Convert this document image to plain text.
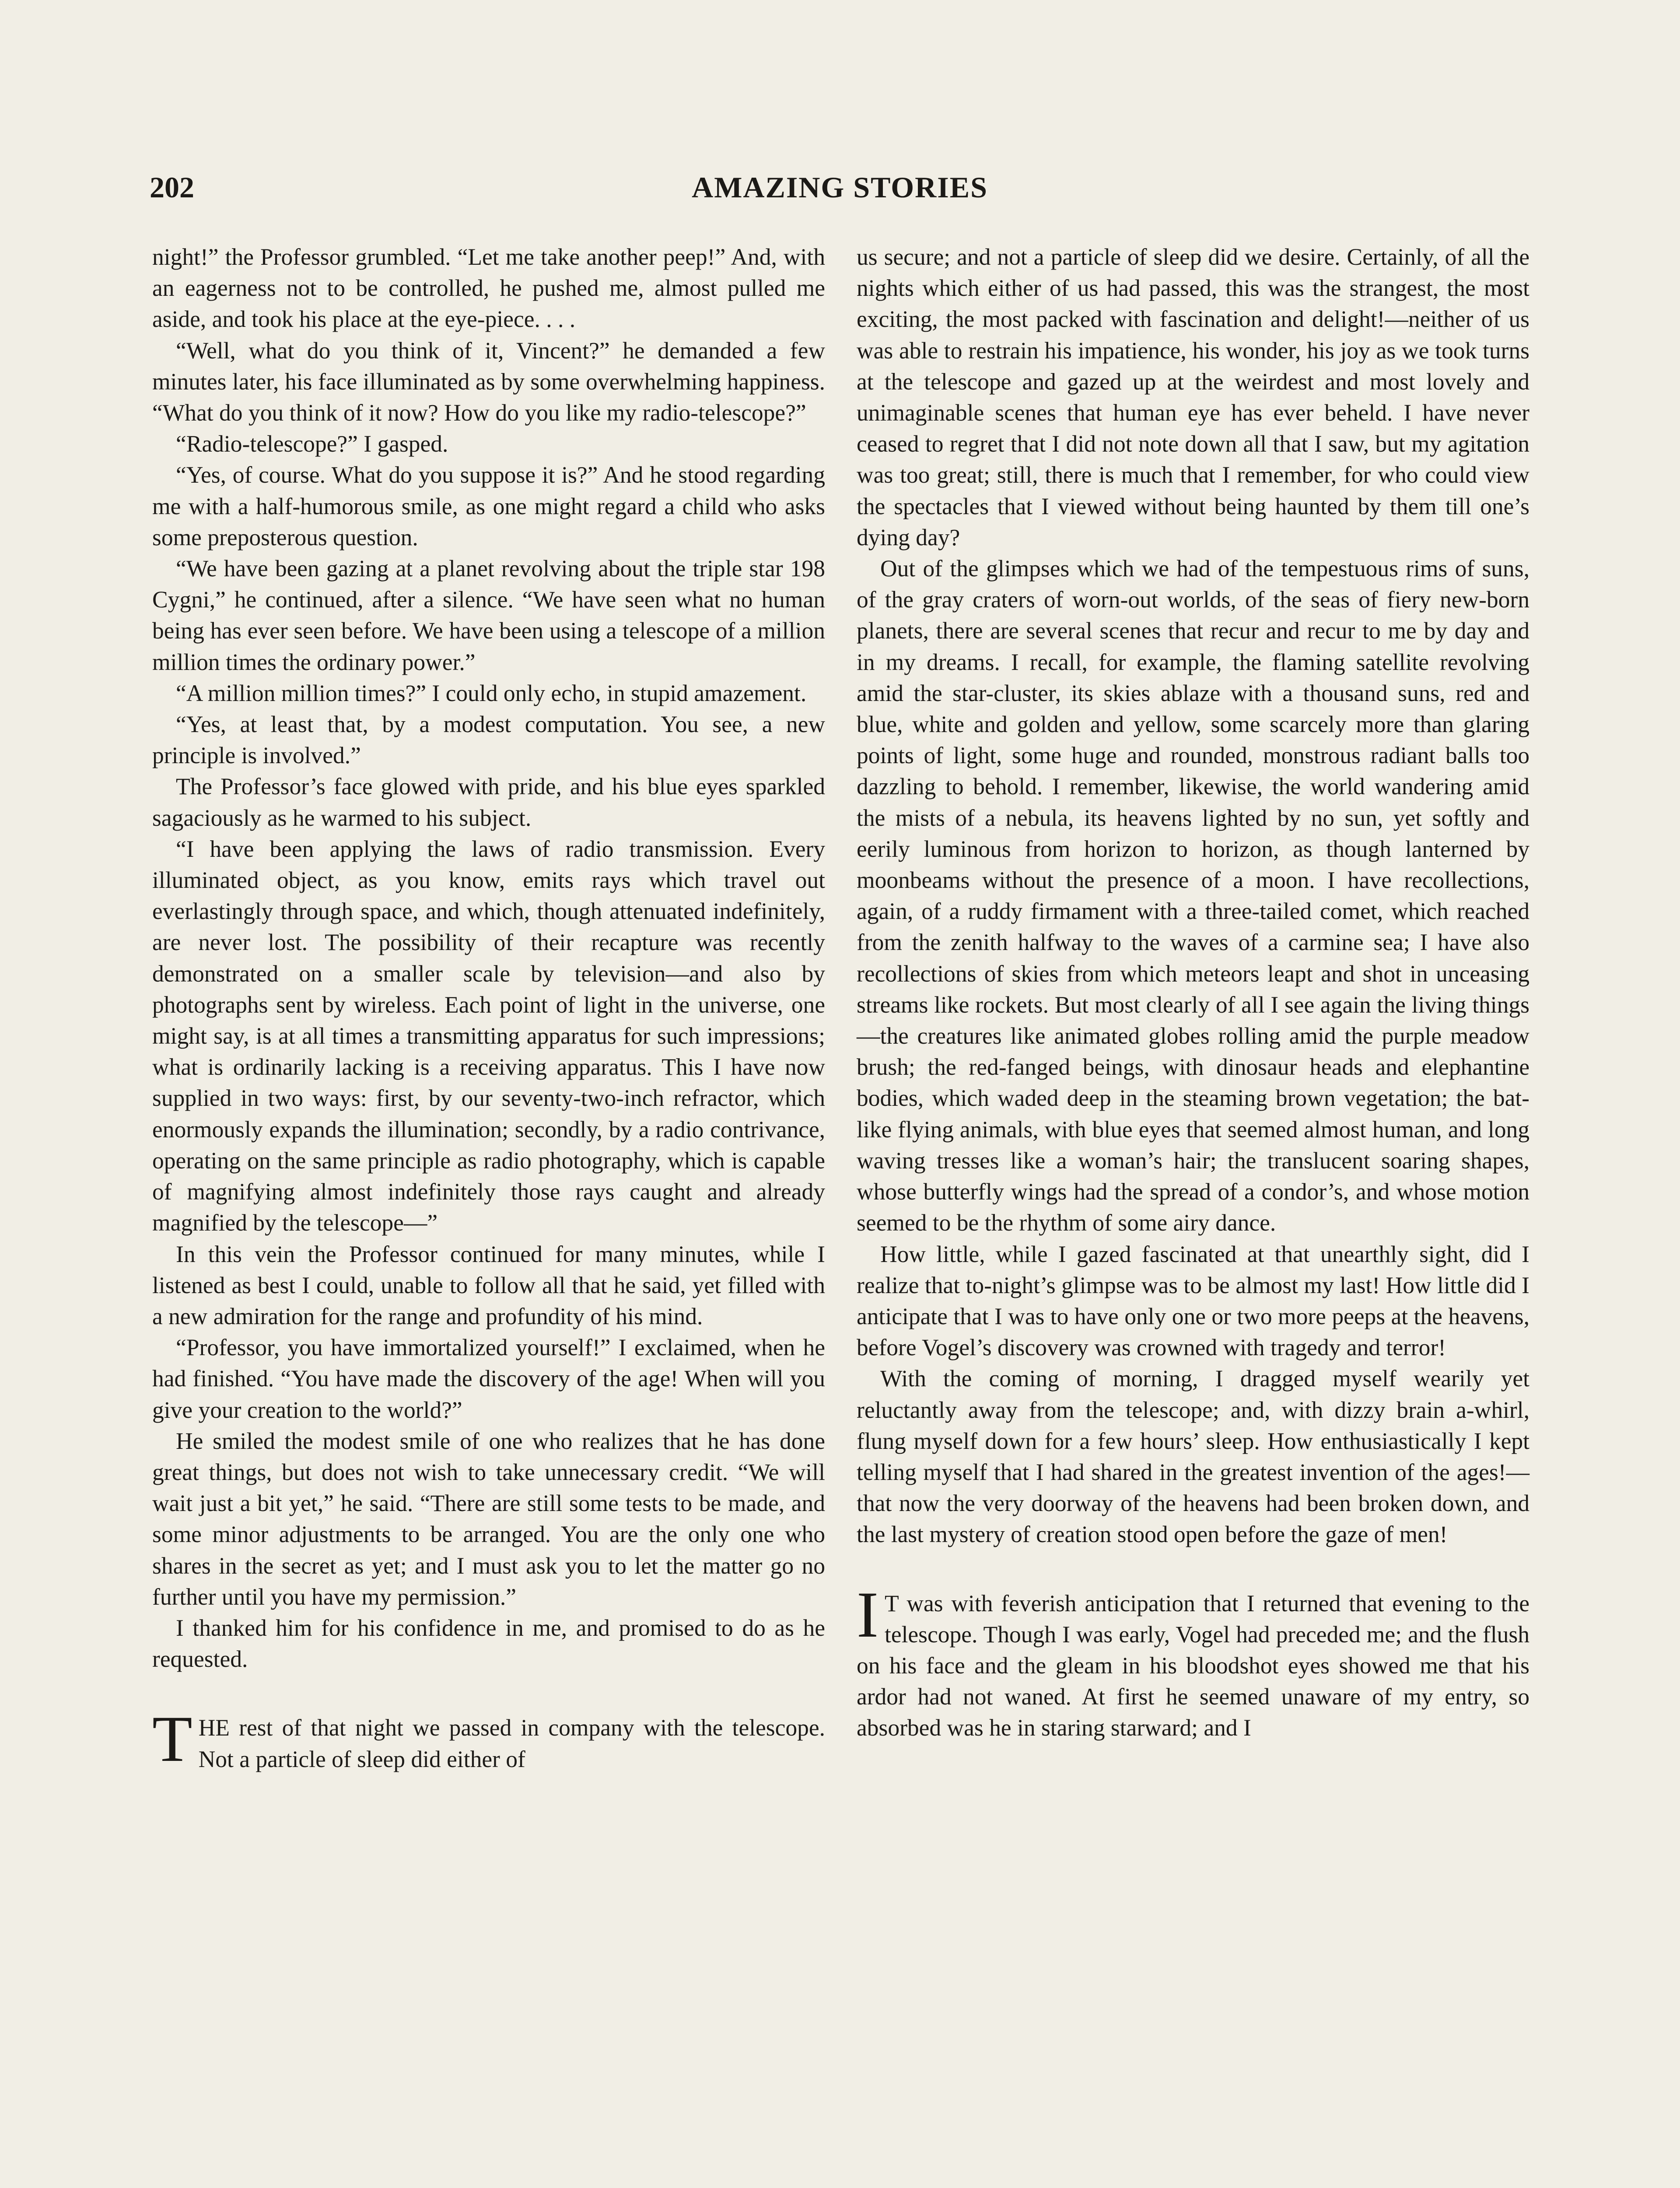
202	AMAZING STORIES

night!” the Professor grumbled. “Let me take another peep!” And, with an eagerness not to be controlled, he pushed me, almost pulled me aside, and took his place at the eye-piece. . . .

“Well, what do you think of it, Vincent?” he demanded a few minutes later, his face illuminated as by some overwhelming happiness. “What do you think of it now? How do you like my radio-telescope?”

“Radio-telescope?” I gasped.

“Yes, of course. What do you suppose it is?” And he stood regarding me with a half-humorous smile, as one might regard a child who asks some preposterous question.

“We have been gazing at a planet revolving about the triple star 198 Cygni,” he continued, after a silence. “We have seen what no human being has ever seen before. We have been using a telescope of a million million times the ordinary power.”

“A million million times?” I could only echo, in stupid amazement.

“Yes, at least that, by a modest computation. You see, a new principle is involved.”

The Professor’s face glowed with pride, and his blue eyes sparkled sagaciously as he warmed to his subject.

“I have been applying the laws of radio transmission. Every illuminated object, as you know, emits rays which travel out everlastingly through space, and which, though attenuated indefinitely, are never lost. The possibility of their recapture was recently demonstrated on a smaller scale by television—and also by photographs sent by wireless. Each point of light in the universe, one might say, is at all times a transmitting apparatus for such impressions; what is ordinarily lacking is a receiving apparatus. This I have now supplied in two ways: first, by our seventy-two-inch refractor, which enormously expands the illumination; secondly, by a radio contrivance, operating on the same principle as radio photography, which is capable of magnifying almost indefinitely those rays caught and already magnified by the telescope—”

In this vein the Professor continued for many minutes, while I listened as best I could, unable to follow all that he said, yet filled with a new admiration for the range and profundity of his mind.

“Professor, you have immortalized yourself!” I exclaimed, when he had finished. “You have made the discovery of the age! When will you give your creation to the world?”

He smiled the modest smile of one who realizes that he has done great things, but does not wish to take unnecessary credit. “We will wait just a bit yet,” he said. “There are still some tests to be made, and some minor adjustments to be arranged. You are the only one who shares in the secret as yet; and I must ask you to let the matter go no further until you have my permission.”

I thanked him for his confidence in me, and promised to do as he requested.

THE rest of that night we passed in company with the telescope. Not a particle of sleep did either of

us secure; and not a particle of sleep did we desire. Certainly, of all the nights which either of us had passed, this was the strangest, the most exciting, the most packed with fascination and delight!—neither of us was able to restrain his impatience, his wonder, his joy as we took turns at the telescope and gazed up at the weirdest and most lovely and unimaginable scenes that human eye has ever beheld. I have never ceased to regret that I did not note down all that I saw, but my agitation was too great; still, there is much that I remember, for who could view the spectacles that I viewed without being haunted by them till one’s dying day?

Out of the glimpses which we had of the tempestuous rims of suns, of the gray craters of worn-out worlds, of the seas of fiery new-born planets, there are several scenes that recur and recur to me by day and in my dreams. I recall, for example, the flaming satellite revolving amid the star-cluster, its skies ablaze with a thousand suns, red and blue, white and golden and yellow, some scarcely more than glaring points of light, some huge and rounded, monstrous radiant balls too dazzling to behold. I remember, likewise, the world wandering amid the mists of a nebula, its heavens lighted by no sun, yet softly and eerily luminous from horizon to horizon, as though lanterned by moonbeams without the presence of a moon. I have recollections, again, of a ruddy firmament with a three-tailed comet, which reached from the zenith halfway to the waves of a carmine sea; I have also recollections of skies from which meteors leapt and shot in unceasing streams like rockets. But most clearly of all I see again the living things—the creatures like animated globes rolling amid the purple meadow brush; the red-fanged beings, with dinosaur heads and elephantine bodies, which waded deep in the steaming brown vegetation; the bat-like flying animals, with blue eyes that seemed almost human, and long waving tresses like a woman’s hair; the translucent soaring shapes, whose butterfly wings had the spread of a condor’s, and whose motion seemed to be the rhythm of some airy dance.

How little, while I gazed fascinated at that unearthly sight, did I realize that to-night’s glimpse was to be almost my last! How little did I anticipate that I was to have only one or two more peeps at the heavens, before Vogel’s discovery was crowned with tragedy and terror!

With the coming of morning, I dragged myself wearily yet reluctantly away from the telescope; and, with dizzy brain a-whirl, flung myself down for a few hours’ sleep. How enthusiastically I kept telling myself that I had shared in the greatest invention of the ages!—that now the very doorway of the heavens had been broken down, and the last mystery of creation stood open before the gaze of men!

I T was with feverish anticipation that I returned that evening to the telescope. Though I was early, Vogel had preceded me; and the flush on his face and the gleam in his bloodshot eyes showed me that his ardor had not waned. At first he seemed unaware of my entry, so absorbed was he in staring starward; and I
